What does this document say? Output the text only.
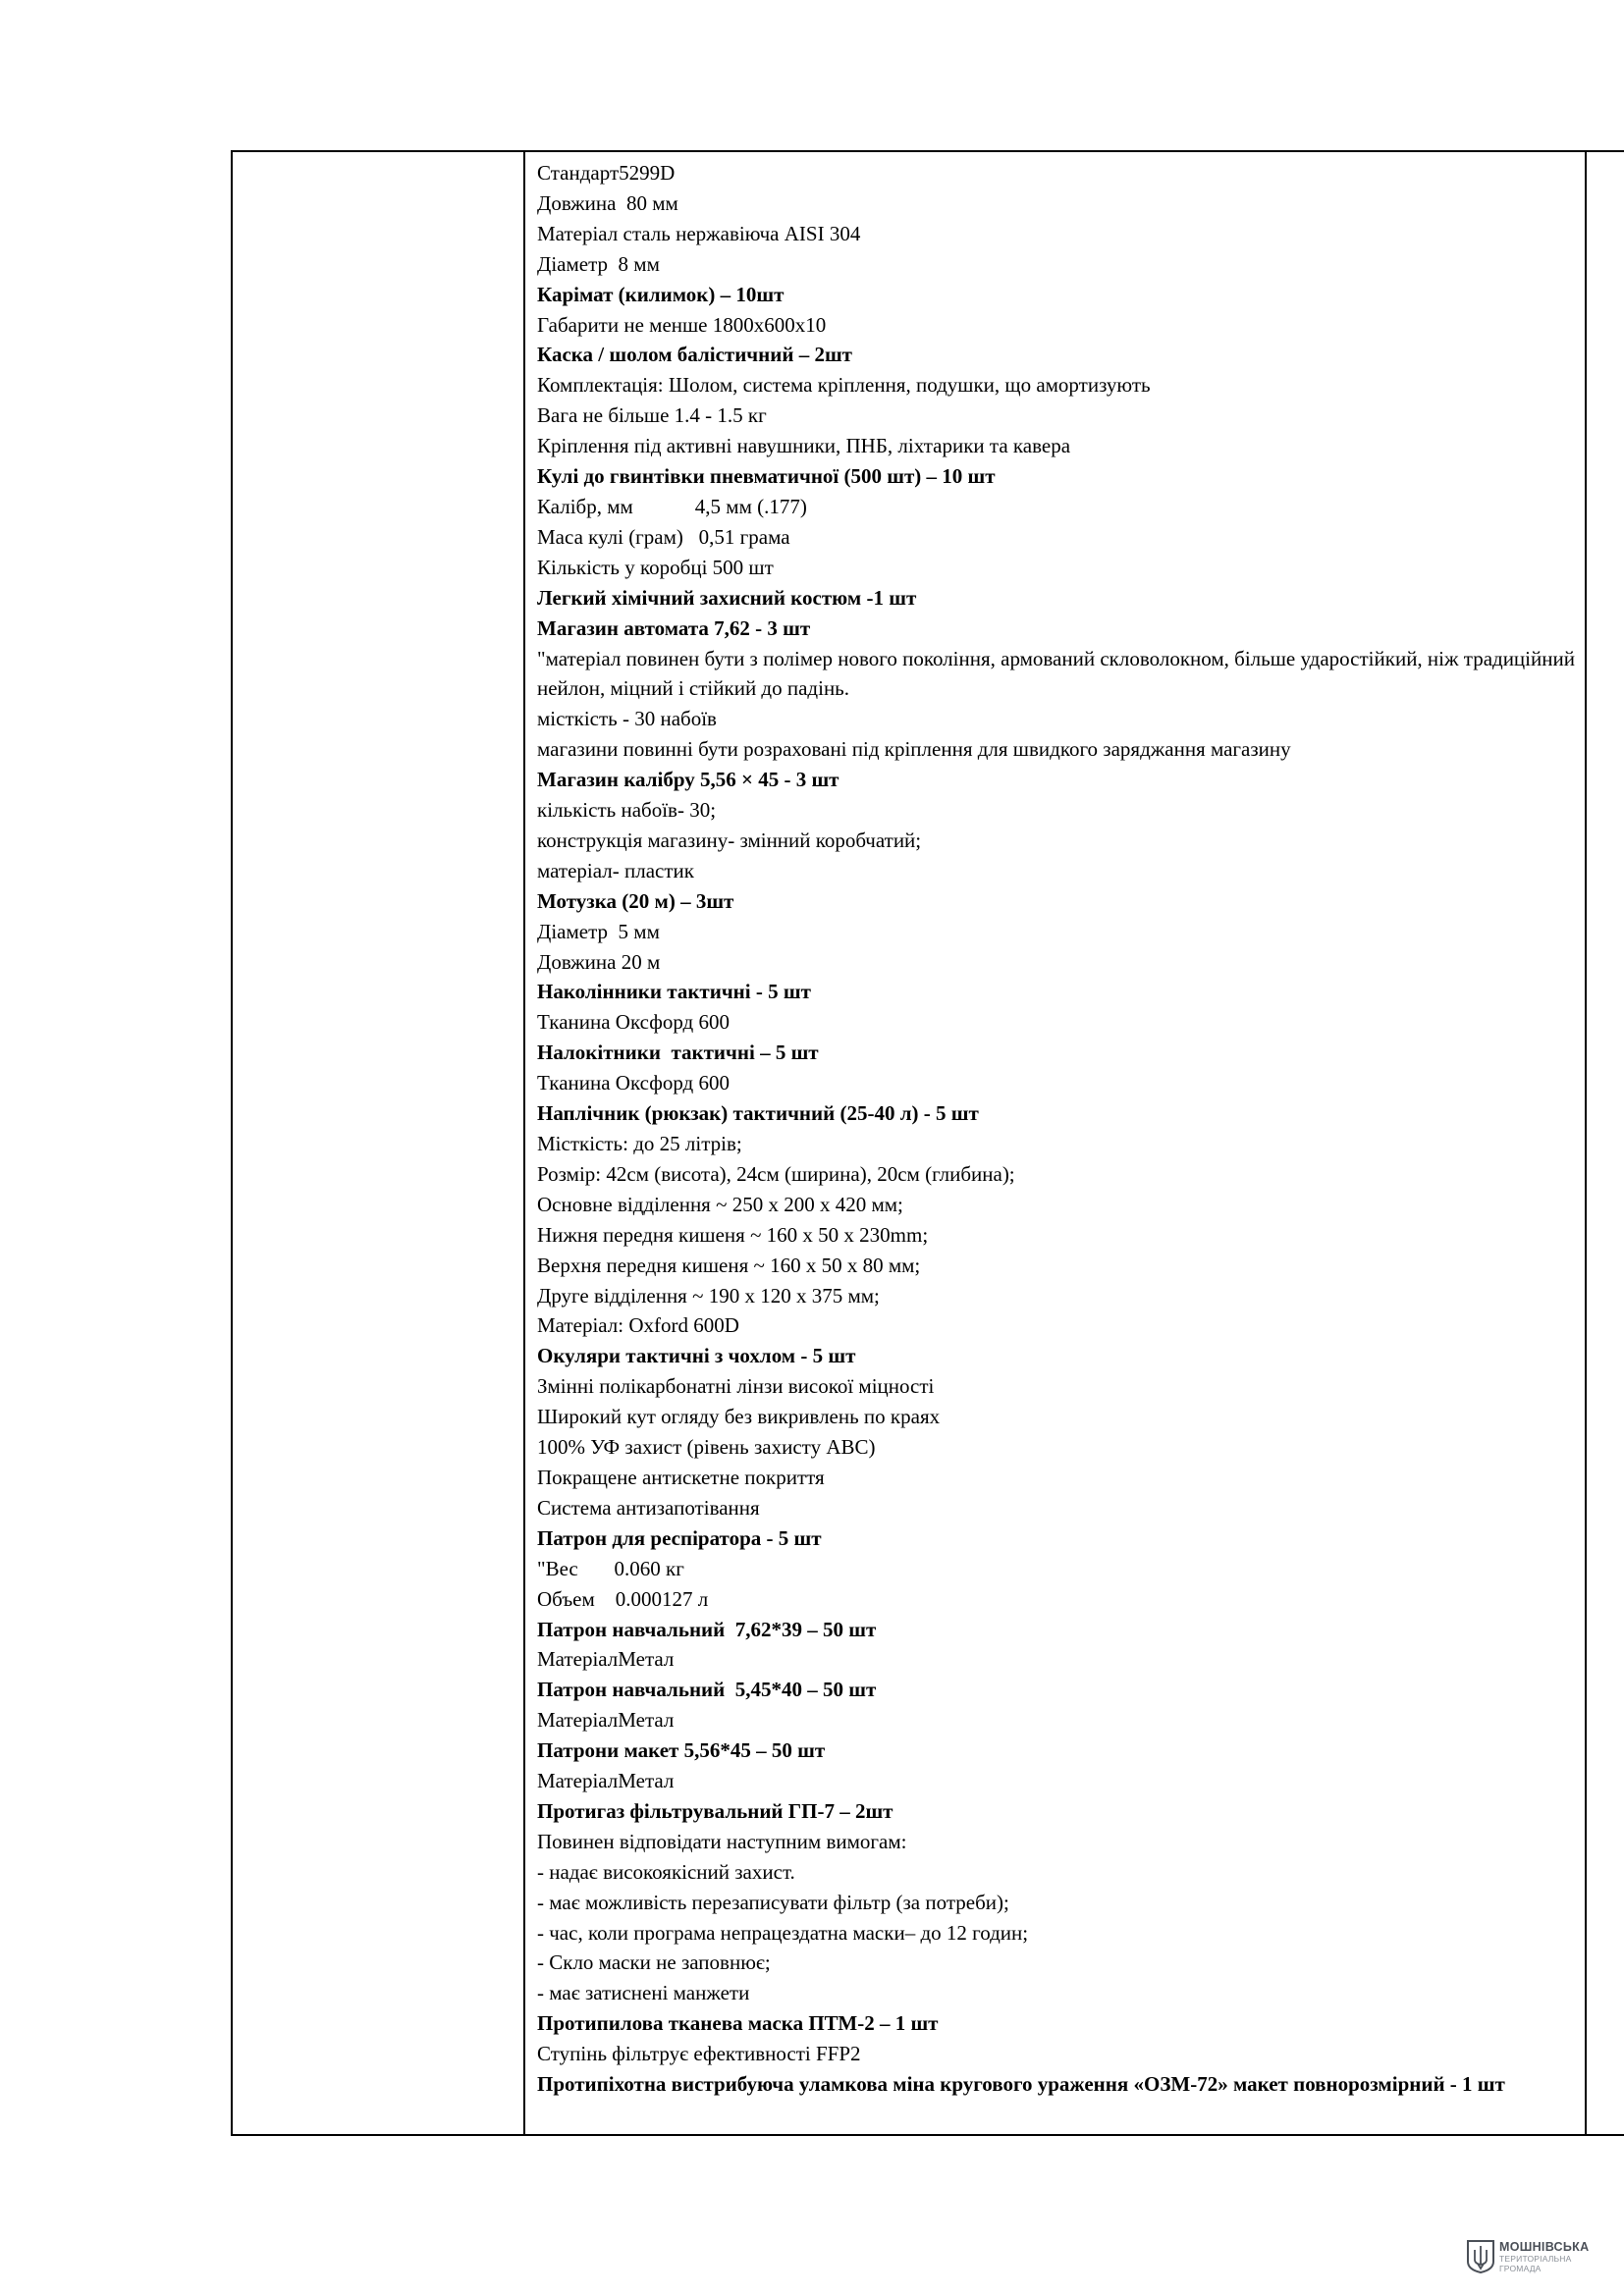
Стандарт5299D
Довжина  80 мм
Матеріал сталь нержавіюча AISI 304
Діаметр  8 мм
Карімат (килимок) – 10шт
Габарити не менше 1800х600х10
Каска / шолом балістичний – 2шт
Комплектація: Шолом, система кріплення, подушки, що амортизують
Вага не більше 1.4 - 1.5 кг
Кріплення під активні навушники, ПНБ, ліхтарики та кавера
Кулі до гвинтівки пневматичної (500 шт) – 10 шт
Калібр, мм            4,5 мм (.177)
Маса кулі (грам)   0,51 грама
Кількість у коробці 500 шт
Легкий хімічний захисний костюм -1 шт
Магазин автомата 7,62 - 3 шт
"матеріал повинен бути з полімер нового покоління, армований скловолокном, більше ударостійкий, ніж традиційний нейлон, міцний і стійкий до падінь.
місткість - 30 набоїв
магазини повинні бути розраховані під кріплення для швидкого заряджання магазину
Магазин калібру 5,56 × 45 - 3 шт
кількість набоїв- 30;
конструкція магазину- змінний коробчатий;
матеріал- пластик
Мотузка (20 м) – 3шт
Діаметр  5 мм
Довжина 20 м
Наколінники тактичні - 5 шт
Тканина Оксфорд 600
Налокітники  тактичні – 5 шт
Тканина Оксфорд 600
Наплічник (рюкзак) тактичний (25-40 л) - 5 шт
Місткість: до 25 літрів;
Розмір: 42см (висота), 24см (ширина), 20см (глибина);
Основне відділення ~ 250 х 200 х 420 мм;
Нижня передня кишеня ~ 160 х 50 х 230mm;
Верхня передня кишеня ~ 160 х 50 х 80 мм;
Друге відділення ~ 190 х 120 х 375 мм;
Матеріал: Oxford 600D
Окуляри тактичні з чохлом - 5 шт
Змінні полікарбонатні лінзи високої міцності
Широкий кут огляду без викривлень по краях
100% УФ захист (рівень захисту ABC)
Покращене антискетне покриття
Система антизапотівання
Патрон для респіратора - 5 шт
"Вес       0.060 кг
Объем    0.000127 л
Патрон навчальний  7,62*39 – 50 шт
МатеріалМетал
Патрон навчальний  5,45*40 – 50 шт
МатеріалМетал
Патрони макет 5,56*45 – 50 шт
МатеріалМетал
Протигаз фільтрувальний ГП-7 – 2шт
Повинен відповідати наступним вимогам:
- надає високоякісний захист.
- має можливість перезаписувати фільтр (за потреби);
- час, коли програма непрацездатна маски– до 12 годин;
- Скло маски не заповнює;
- має затиснені манжети
Протипилова тканева маска ПТМ-2 – 1 шт
Ступінь фільтрує ефективності FFP2
Протипіхотна вистрибуюча уламкова міна кругового ураження «ОЗМ-72» макет повнорозмірний - 1 шт

МОШНІВСЬКА
ТЕРИТОРІАЛЬНА
ГРОМАДА
